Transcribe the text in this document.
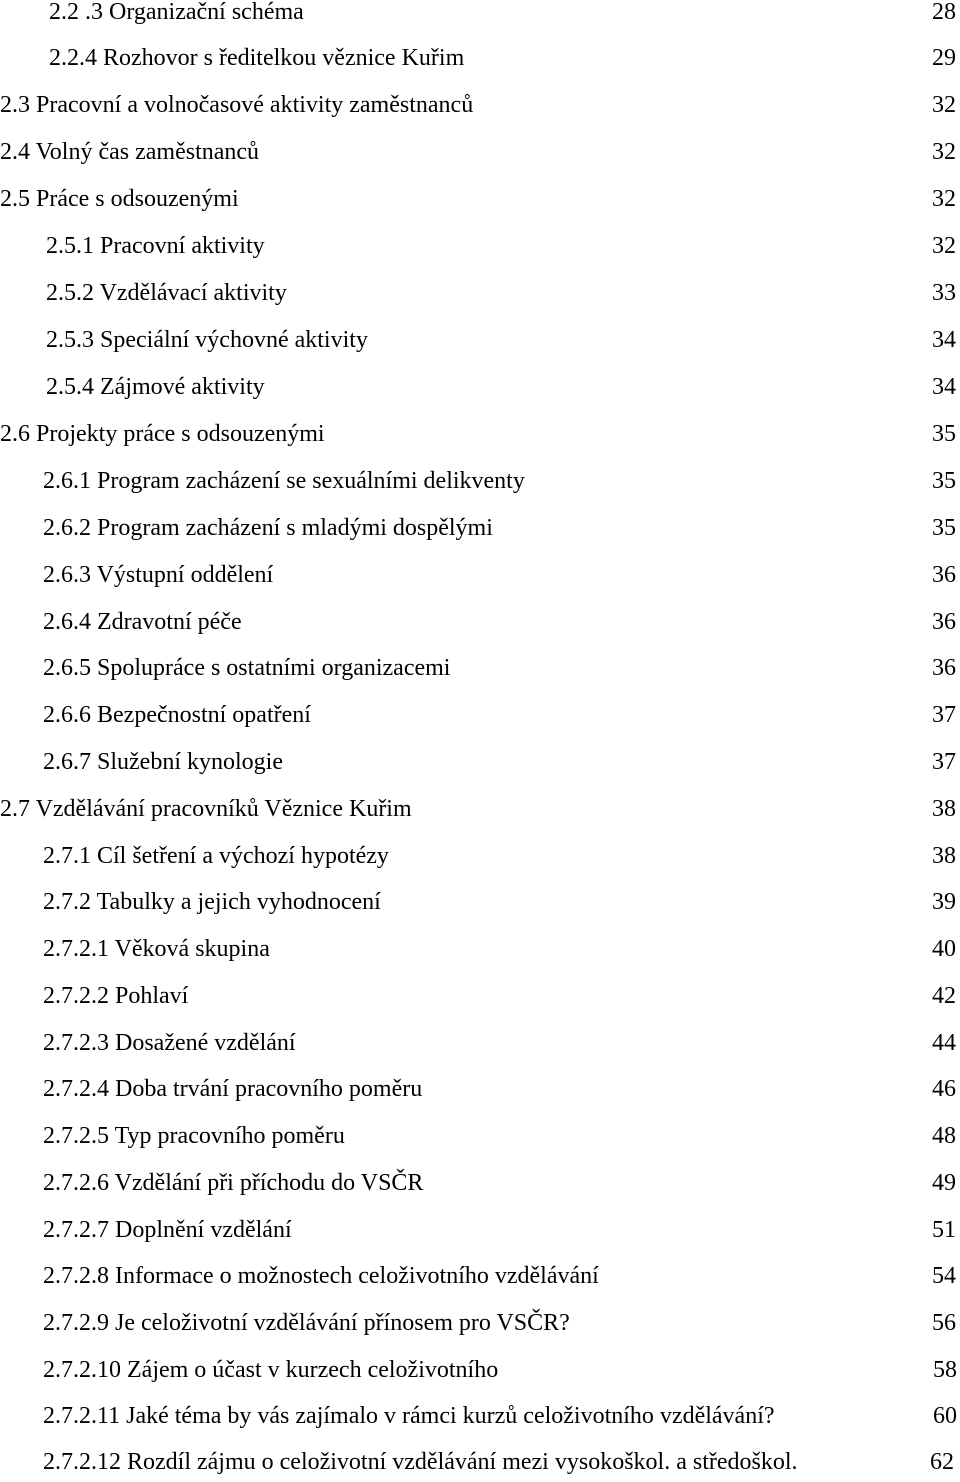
2.2 .3 Organizační schéma	28
2.2.4 Rozhovor s ředitelkou věznice Kuřim	29
2.3 Pracovní a volnočasové aktivity zaměstnanců	32
2.4 Volný čas zaměstnanců	32
2.5 Práce s odsouzenými	32
2.5.1 Pracovní aktivity	32
2.5.2 Vzdělávací aktivity	33
2.5.3 Speciální výchovné aktivity	34
2.5.4 Zájmové aktivity	34
2.6 Projekty práce s odsouzenými	35
2.6.1 Program zacházení se sexuálními delikventy	35
2.6.2 Program zacházení s mladými dospělými	35
2.6.3 Výstupní oddělení	36
2.6.4 Zdravotní péče	36
2.6.5 Spolupráce s ostatními organizacemi	36
2.6.6 Bezpečnostní opatření	37
2.6.7 Služební kynologie	37
2.7 Vzdělávání pracovníků Věznice Kuřim	38
2.7.1 Cíl šetření a výchozí hypotézy	38
2.7.2 Tabulky a jejich vyhodnocení	39
2.7.2.1 Věková skupina	40
2.7.2.2 Pohlaví	42
2.7.2.3 Dosažené vzdělání	44
2.7.2.4 Doba trvání pracovního poměru	46
2.7.2.5 Typ pracovního poměru	48
2.7.2.6 Vzdělání při příchodu do VSČR	49
2.7.2.7 Doplnění vzdělání	51
2.7.2.8 Informace o možnostech celoživotního vzdělávání	54
2.7.2.9 Je celoživotní vzdělávání přínosem pro VSČR?	56
2.7.2.10 Zájem o účast v kurzech celoživotního	58
2.7.2.11 Jaké téma by vás zajímalo v rámci kurzů celoživotního vzdělávání?	60
2.7.2.12 Rozdíl zájmu o celoživotní vzdělávání mezi vysokoškol. a středoškol.	62
